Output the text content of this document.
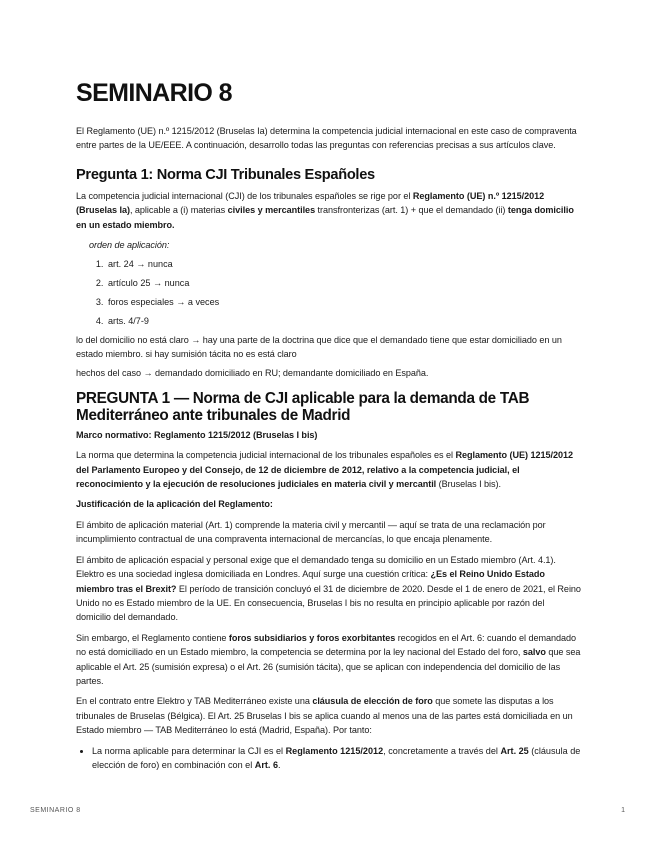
SEMINARIO 8

El Reglamento (UE) n.º 1215/2012 (Bruselas Ia) determina la competencia judicial internacional en este caso de compraventa entre partes de la UE/EEE. A continuación, desarrollo todas las preguntas con referencias precisas a sus artículos clave.

Pregunta 1: Norma CJI Tribunales Españoles

La competencia judicial internacional (CJI) de los tribunales españoles se rige por el Reglamento (UE) n.º 1215/2012 (Bruselas Ia), aplicable a (i) materias civiles y mercantiles transfronterizas (art. 1) + que el demandado (ii) tenga domicilio en un estado miembro.

orden de aplicación:

1. art. 24 → nunca
2. artículo 25 → nunca
3. foros especiales → a veces
4. arts. 4/7-9

lo del domicilio no está claro → hay una parte de la doctrina que dice que el demandado tiene que estar domiciliado en un estado miembro. si hay sumisión tácita no es está claro

hechos del caso → demandado domiciliado en RU; demandante domiciliado en España.

PREGUNTA 1 — Norma de CJI aplicable para la demanda de TAB Mediterráneo ante tribunales de Madrid

Marco normativo: Reglamento 1215/2012 (Bruselas I bis)

La norma que determina la competencia judicial internacional de los tribunales españoles es el Reglamento (UE) 1215/2012 del Parlamento Europeo y del Consejo, de 12 de diciembre de 2012, relativo a la competencia judicial, el reconocimiento y la ejecución de resoluciones judiciales en materia civil y mercantil (Bruselas I bis).

Justificación de la aplicación del Reglamento:

El ámbito de aplicación material (Art. 1) comprende la materia civil y mercantil — aquí se trata de una reclamación por incumplimiento contractual de una compraventa internacional de mercancías, lo que encaja plenamente.

El ámbito de aplicación espacial y personal exige que el demandado tenga su domicilio en un Estado miembro (Art. 4.1). Elektro es una sociedad inglesa domiciliada en Londres. Aquí surge una cuestión crítica: ¿Es el Reino Unido Estado miembro tras el Brexit? El período de transición concluyó el 31 de diciembre de 2020. Desde el 1 de enero de 2021, el Reino Unido no es Estado miembro de la UE. En consecuencia, Bruselas I bis no resulta en principio aplicable por razón del domicilio del demandado.

Sin embargo, el Reglamento contiene foros subsidiarios y foros exorbitantes recogidos en el Art. 6: cuando el demandado no está domiciliado en un Estado miembro, la competencia se determina por la ley nacional del Estado del foro, salvo que sea aplicable el Art. 25 (sumisión expresa) o el Art. 26 (sumisión tácita), que se aplican con independencia del domicilio de las partes.

En el contrato entre Elektro y TAB Mediterráneo existe una cláusula de elección de foro que somete las disputas a los tribunales de Bruselas (Bélgica). El Art. 25 Bruselas I bis se aplica cuando al menos una de las partes está domiciliada en un Estado miembro — TAB Mediterráneo lo está (Madrid, España). Por tanto:

• La norma aplicable para determinar la CJI es el Reglamento 1215/2012, concretamente a través del Art. 25 (cláusula de elección de foro) en combinación con el Art. 6.
SEMINARIO 8	1
